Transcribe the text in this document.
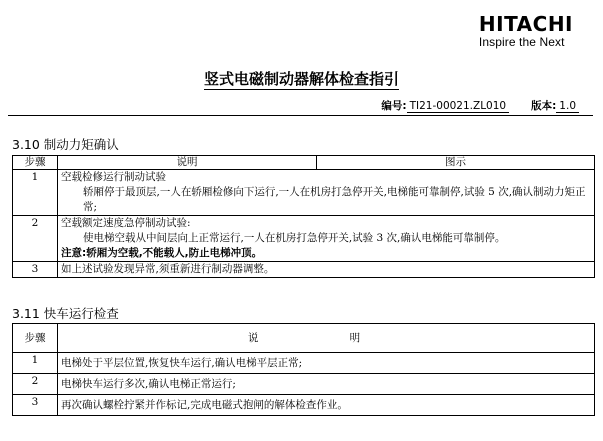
HITACHI
Inspire the Next
竖式电磁制动器解体检查指引
编号: TI21-00021.ZL010 版本: 1.0
3.10 制动力矩确认
步骤	说明	图示
1	空载检修运行制动试验
轿厢停于最顶层,一人在轿厢检修向下运行,一人在机房打急停开关,电梯能可靠制停,试验 5 次,确认制动力矩正常;	

2	空载额定速度急停制动试验:
使电梯空载从中间层向上正常运行,一人在机房打急停开关,试验 3 次,确认电梯能可靠制停。
注意:轿厢为空载,不能载人,防止电梯冲顶。	
3	如上述试验发现异常,须重新进行制动器调整。	
3.11 快车运行检查
步骤	说 明
1	电梯处于平层位置,恢复快车运行,确认电梯平层正常;
2	电梯快车运行多次,确认电梯正常运行;
3	再次确认螺栓拧紧并作标记,完成电磁式抱闸的解体检查作业。
